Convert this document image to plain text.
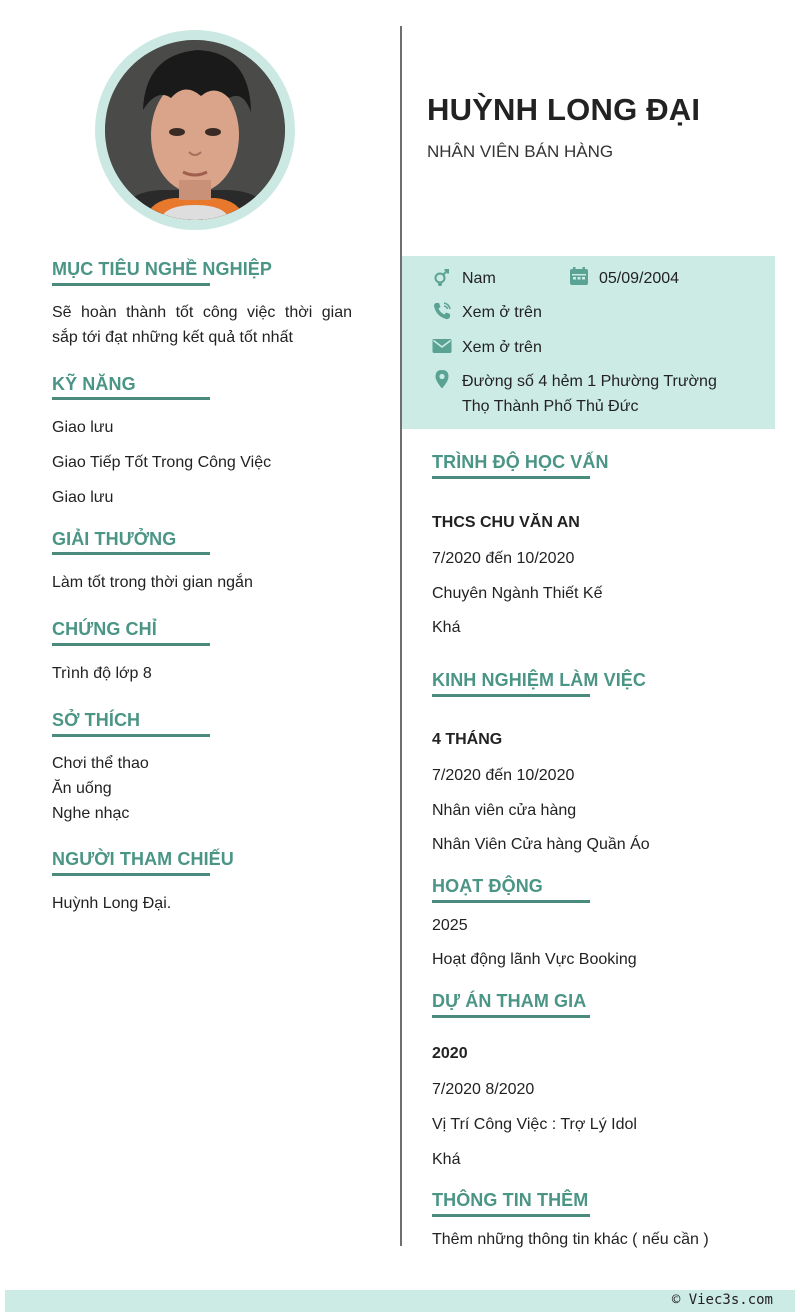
HUỲNH LONG ĐẠI
NHÂN VIÊN BÁN HÀNG
Nam	05/09/2004
Xem ở trên
Xem ở trên
Đường số 4 hẻm 1 Phường Trường
Thọ Thành Phố Thủ Đức
MỤC TIÊU NGHỀ NGHIỆP
Sẽ hoàn thành tốt công việc thời gian
sắp tới đạt những kết quả tốt nhất
KỸ NĂNG
Giao lưu
Giao Tiếp Tốt Trong Công Việc
Giao lưu
GIẢI THƯỞNG
Làm tốt trong thời gian ngắn
CHỨNG CHỈ
Trình độ lớp 8
SỞ THÍCH
Chơi thể thao
Ăn uống
Nghe nhạc
NGƯỜI THAM CHIẾU
Huỳnh Long Đại.
TRÌNH ĐỘ HỌC VẤN
THCS CHU VĂN AN
7/2020 đến 10/2020
Chuyên Ngành Thiết Kế
Khá
KINH NGHIỆM LÀM VIỆC
4 THÁNG
7/2020 đến 10/2020
Nhân viên cửa hàng
Nhân Viên Cửa hàng Quần Áo
HOẠT ĐỘNG
2025
Hoạt động lãnh Vực Booking
DỰ ÁN THAM GIA
2020
7/2020 8/2020
Vị Trí Công Việc : Trợ Lý Idol
Khá
THÔNG TIN THÊM
Thêm những thông tin khác ( nếu cần )
© Viec3s.com
